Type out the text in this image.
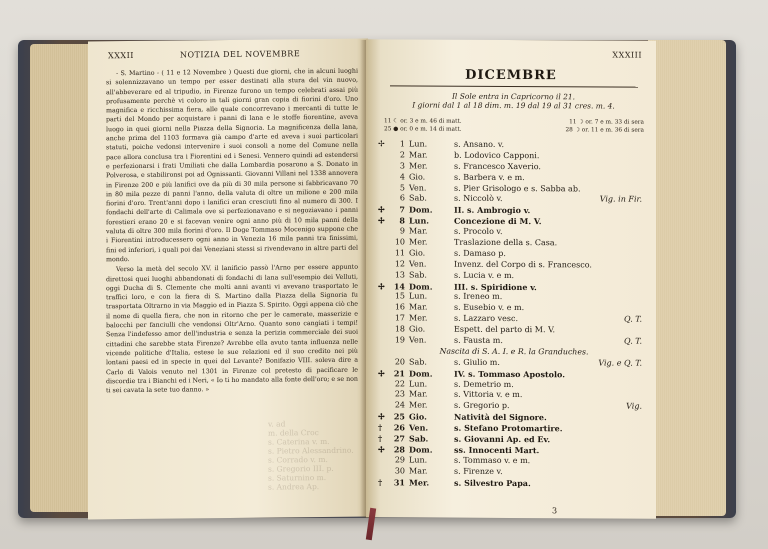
XXXII	NOTIZIA DEL NOVEMBRE

- S. Martino - ( 11 e 12 Novembre ) Questi due giorni, che in alcuni luoghi si solennizzavano un tempo per esser destinati alla stura del vin nuovo, all'abbeverare ed al tripudio, in Firenze furono un tempo celebrati assai più profusamente perchè vi coloro in tali giorni gran copia di fiorini d'oro. Uno magnifica e ricchissima fiera, alle quale concorrevano i mercanti di tutte le parti del Mondo per acquistare i panni di lana e le stoffe fiorentine, aveva luogo in quei giorni nella Piazza della Signoria. La magnificenza della lana, anche prima del 1103 formava già campo d'arte ed aveva i suoi particolari statuti, poiche vedonsi intervenire i suoi consoli a nome del Comune nella pace allora conclusa tra i Fiorentini ed i Senesi. Vennero quindi ad estendersi e perfezionarsi i frati Umiliati che dalla Lombardia posarono a S. Donato in Polverosa, e stabilironsi poi ad Ognissanti. Giovanni Villani nel 1338 annovera in Firenze 200 e più lanifici ove da più di 30 mila persone si fabbricavano 70 in 80 mila pezze di panni l'anno, della valuta di oltre un milione e 200 mila fiorini d'oro. Trent'anni dopo i lanifici eran cresciuti fino al numero di 300. I fondachi dell'arte di Calimala ove si perfezionavano e si negoziavano i panni forestieri erano 20 e si facevan venire ogni anno più di 10 mila panni della valuta di oltre 300 mila fiorini d'oro. Il Doge Tommaso Mocenigo suppone che i Fiorentini introducessero ogni anno in Venezia 16 mila panni tra finissimi, fini ed inferiori, i quali poi dai Veneziani stessi si rivendevano in altre parti del mondo.

Verso la metà del secolo XV. il lanificio passò l'Arno per essere appunto direttosi quei luoghi abbandonati di fondachi di lana sull'esempio dei Velluti, oggi Ducha di S. Clemente che molti anni avanti vi avevano trasportato le traffici loro, e con la fiera di S. Martino dalla Piazza della Signoria fu trasportata Oltrarno in via Maggio ed in Piazza S. Spirito. Oggi appena ciò che il nome di quella fiera, che non in ritorno che per le camerate, masserizie e balocchi per fanciulli che vendonsi Oltr'Arno. Quanto sono cangiati i tempi! Senza l'indefesso amor dell'industria e senza la perizia commerciale dei suoi cittadini che sarebbe stata Firenze? Avrebbe ella avuto tanta influenza nelle vicende politiche d'Italia, estese le sue relazioni ed il suo credito nei più lontani paesi ed in specie in quei del Levante? Bonifazio VIII. soleva dire a Carlo di Valois venuto nel 1301 in Firenze col pretesto di pacificare le discordie tra i Bianchi ed i Neri, « Io ti ho mandato alla fonte dell'oro; e se non ti sei cavata la sete tuo danno. »

v. ad
m. della Croc
s. Caterina v. m.
s. Pietro Alessandrino.
s. Corrado v. m.
s. Gregorio III. p.
s. Saturnino m.
s. Andrea Ap.
XXXIII
DICEMBRE
Il Sole entra in Capricorno il 21.
I giorni dal 1 al 18 dim. m. 19 dal 19 al 31 cres. m. 4.
11 ☾ or. 3 e m. 46 di matt.	11 ☽ or. 7 e m. 33 di sera
25 ● or. 0 e m. 14 di matt.	28 ☽ or. 11 e m. 36 di sera
✢	1 Lun.	s. Ansano. v.
2 Mar.	b. Lodovico Capponi.
3 Mer.	s. Francesco Xaverio.
4 Gio.	s. Barbera v. e m.
5 Ven.	s. Pier Grisologo e s. Sabba ab.
6 Sab.	s. Niccolò v.	Vig. in Fir.
✢	7 Dom.	II. s. Ambrogio v.
✢	8 Lun.	Concezione di M. V.
9 Mar.	s. Procolo v.
10 Mer.	Traslazione della s. Casa.
11 Gio.	s. Damaso p.
12 Ven.	Invenz. del Corpo di s. Francesco.
13 Sab.	s. Lucia v. e m.
✢	14 Dom.	III. s. Spiridione v.
15 Lun.	s. Ireneo m.
16 Mar.	s. Eusebio v. e m.
17 Mer.	s. Lazzaro vesc.	Q. T.
18 Gio.	Espett. del parto di M. V.
19 Ven.	s. Fausta m.	Q. T.
Nascita di S. A. I. e R. la Granduches.
20 Sab.	s. Giulio m.	Vig. e Q. T.
✢	21 Dom.	IV. s. Tommaso Apostolo.
22 Lun.	s. Demetrio m.
23 Mar.	s. Vittoria v. e m.
24 Mer.	s. Gregorio p.	Vig.
✢	25 Gio.	Natività del Signore.
†	26 Ven.	s. Stefano Protomartire.
†	27 Sab.	s. Giovanni Ap. ed Ev.
✢	28 Dom.	ss. Innocenti Mart.
29 Lun.	s. Tommaso v. e m.
30 Mar.	s. Firenze v.
†	31 Mer.	s. Silvestro Papa.
3
